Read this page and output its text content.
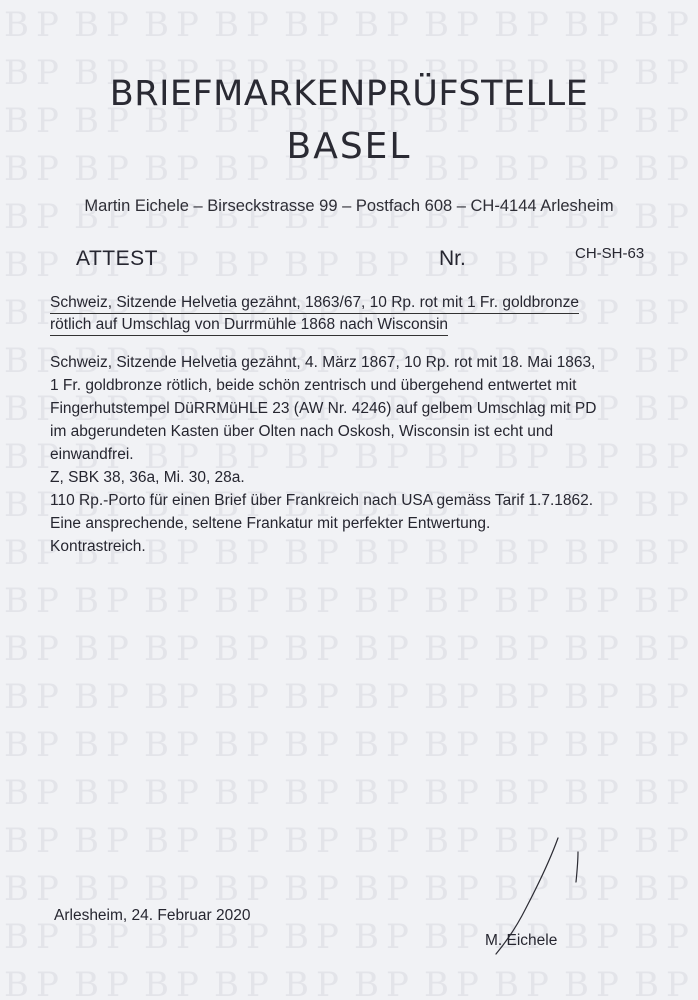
BRIEFMARKENPRÜFSTELLE
BASEL
Martin Eichele – Birseckstrasse 99 – Postfach 608 – CH-4144 Arlesheim
ATTEST	Nr.	CH-SH-63
Schweiz, Sitzende Helvetia gezähnt, 1863/67, 10 Rp. rot mit 1 Fr. goldbronze
rötlich auf Umschlag von Durrmühle 1868 nach Wisconsin
Schweiz, Sitzende Helvetia gezähnt, 4. März 1867, 10 Rp. rot mit 18. Mai 1863,
1 Fr. goldbronze rötlich, beide schön zentrisch und übergehend entwertet mit
Fingerhutstempel DüRRMüHLE 23 (AW Nr. 4246) auf gelbem Umschlag mit PD
im abgerundeten Kasten über Olten nach Oskosh, Wisconsin ist echt und
einwandfrei.
Z, SBK 38, 36a, Mi. 30, 28a.
110 Rp.-Porto für einen Brief über Frankreich nach USA gemäss Tarif 1.7.1862.
Eine ansprechende, seltene Frankatur mit perfekter Entwertung.
Kontrastreich.
Arlesheim, 24. Februar 2020
M. Eichele
